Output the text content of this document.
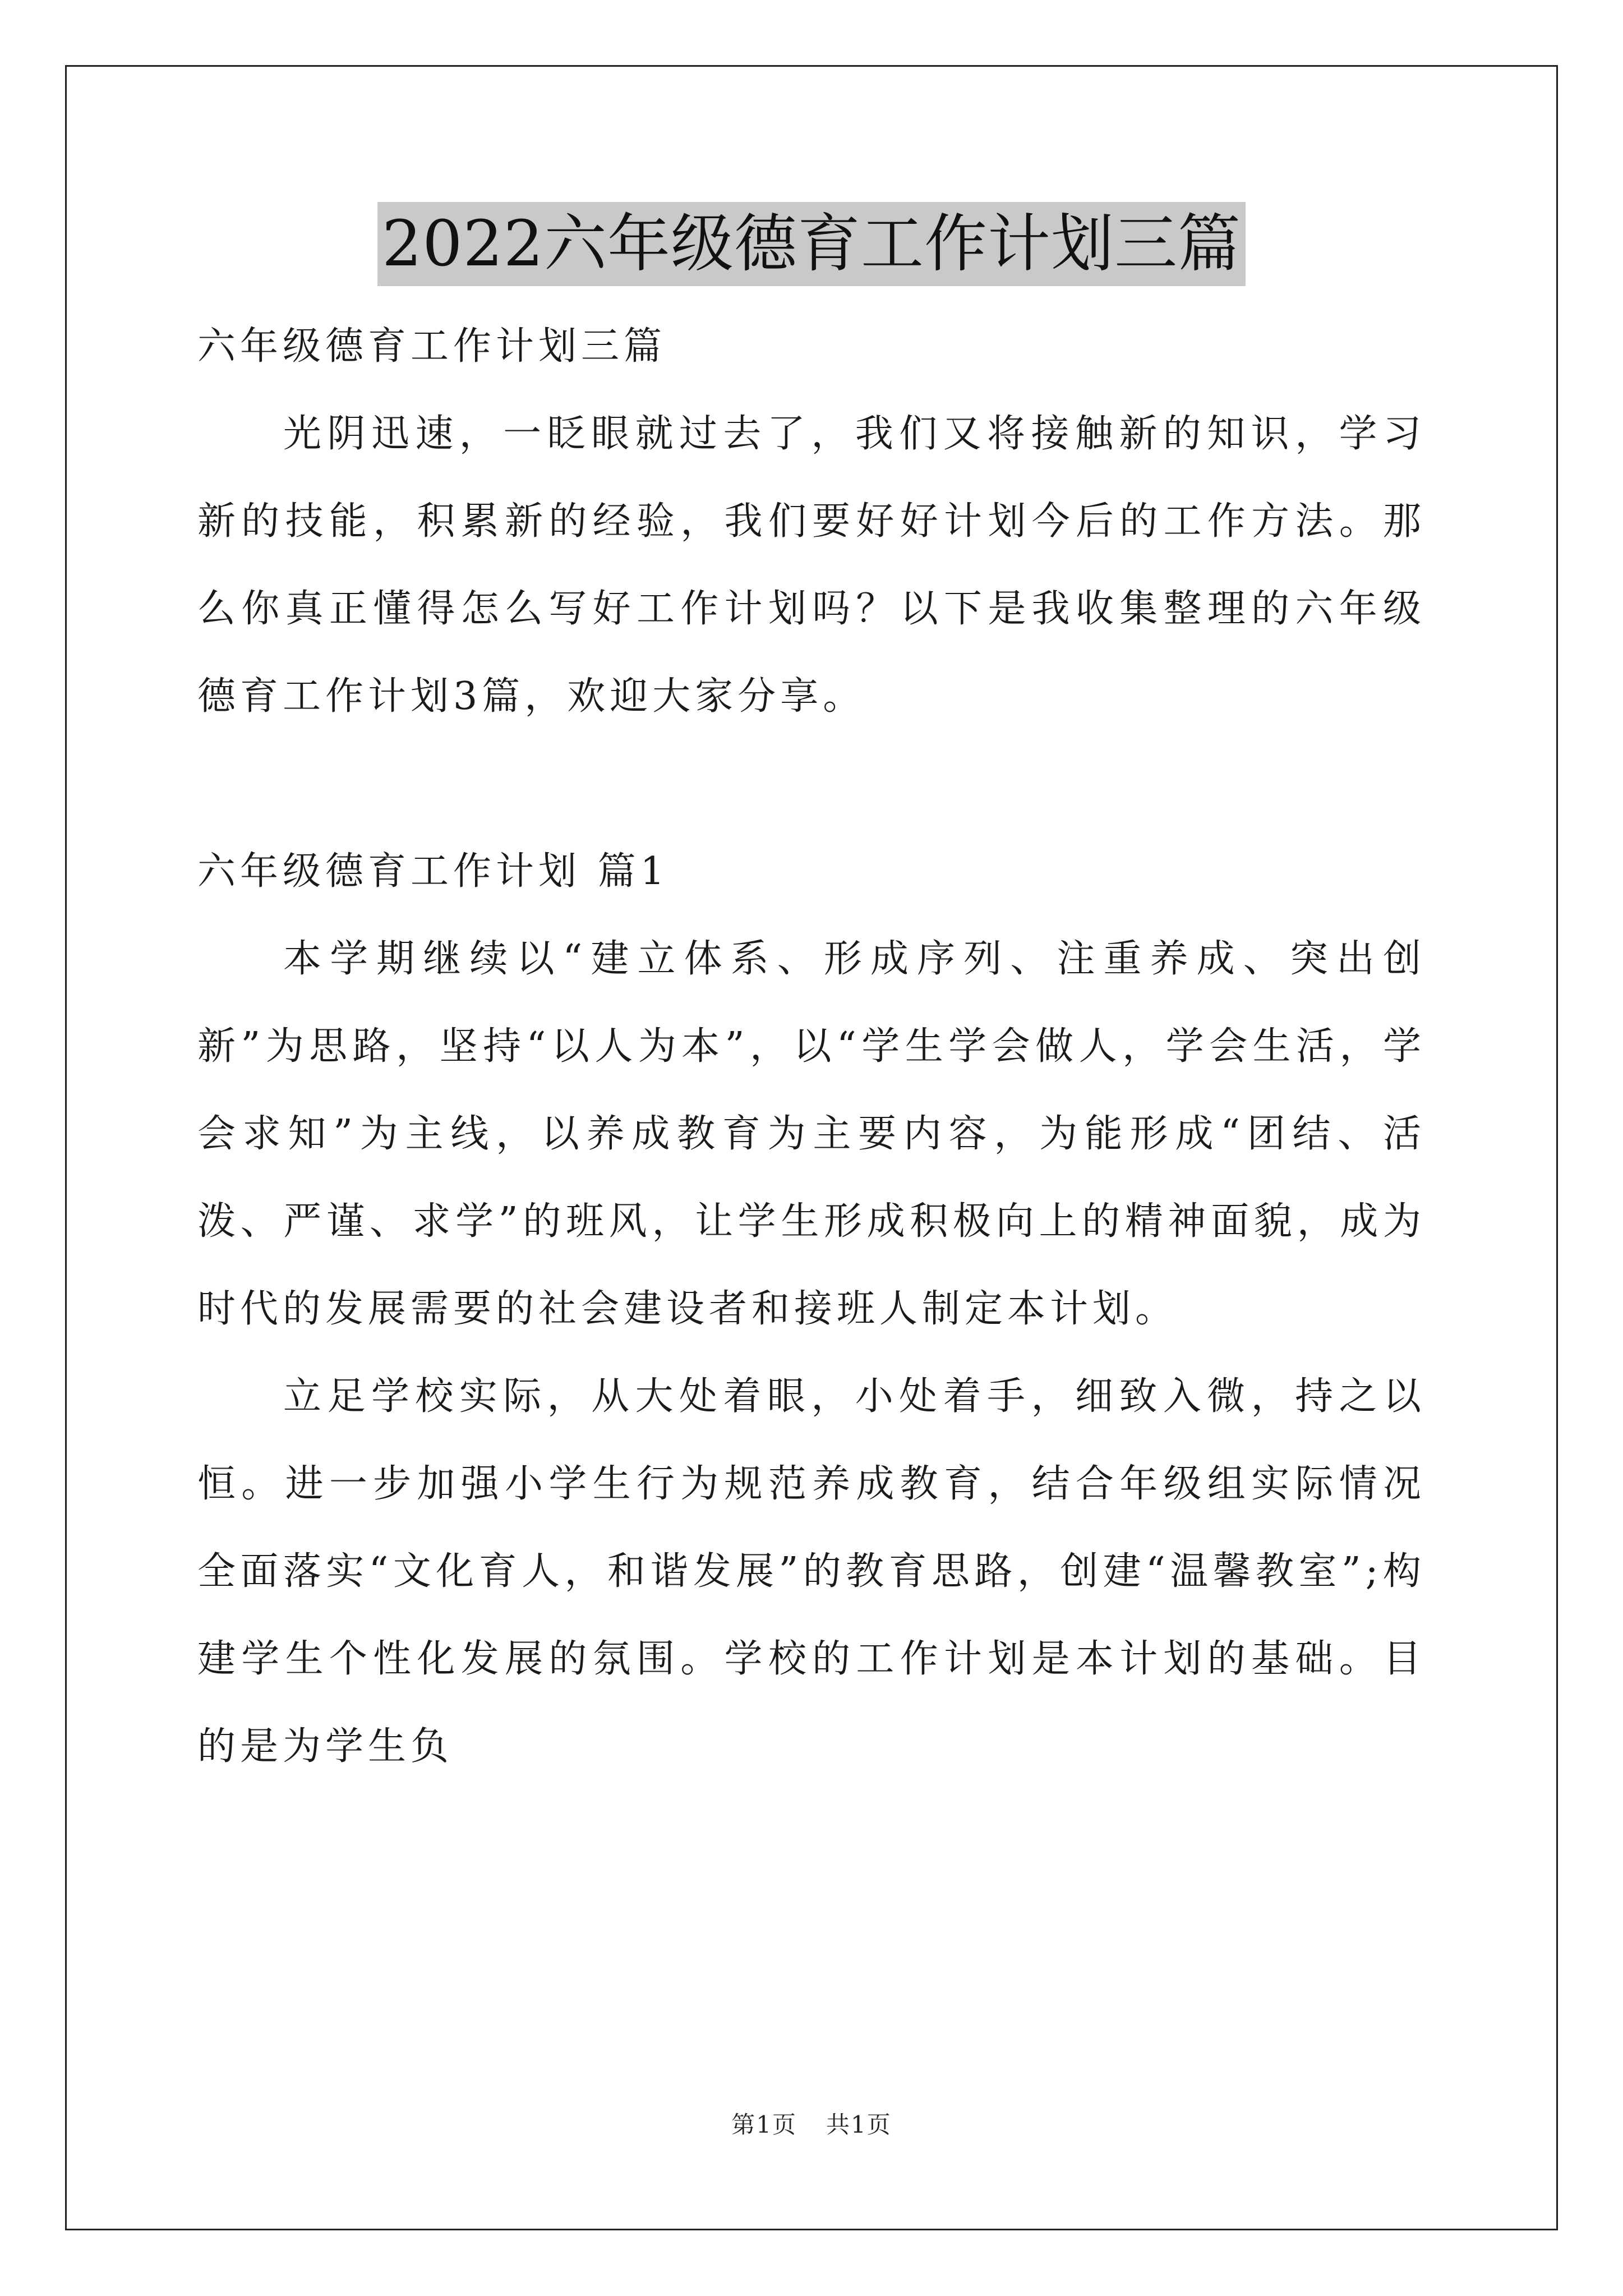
2022六年级德育工作计划三篇

六年级德育工作计划三篇

光阴迅速，一眨眼就过去了，我们又将接触新的知识，学习新的技能，积累新的经验，我们要好好计划今后的工作方法。那么你真正懂得怎么写好工作计划吗？以下是我收集整理的六年级德育工作计划3篇，欢迎大家分享。

六年级德育工作计划 篇1

本学期继续以“建立体系、形成序列、注重养成、突出创新”为思路，坚持“以人为本”，以“学生学会做人，学会生活，学会求知”为主线，以养成教育为主要内容，为能形成“团结、活泼、严谨、求学”的班风，让学生形成积极向上的精神面貌，成为时代的发展需要的社会建设者和接班人制定本计划。

立足学校实际，从大处着眼，小处着手，细致入微，持之以恒。进一步加强小学生行为规范养成教育，结合年级组实际情况全面落实“文化育人，和谐发展”的教育思路，创建“温馨教室”;构建学生个性化发展的氛围。学校的工作计划是本计划的基础。目的是为学生负

第1页 共1页
